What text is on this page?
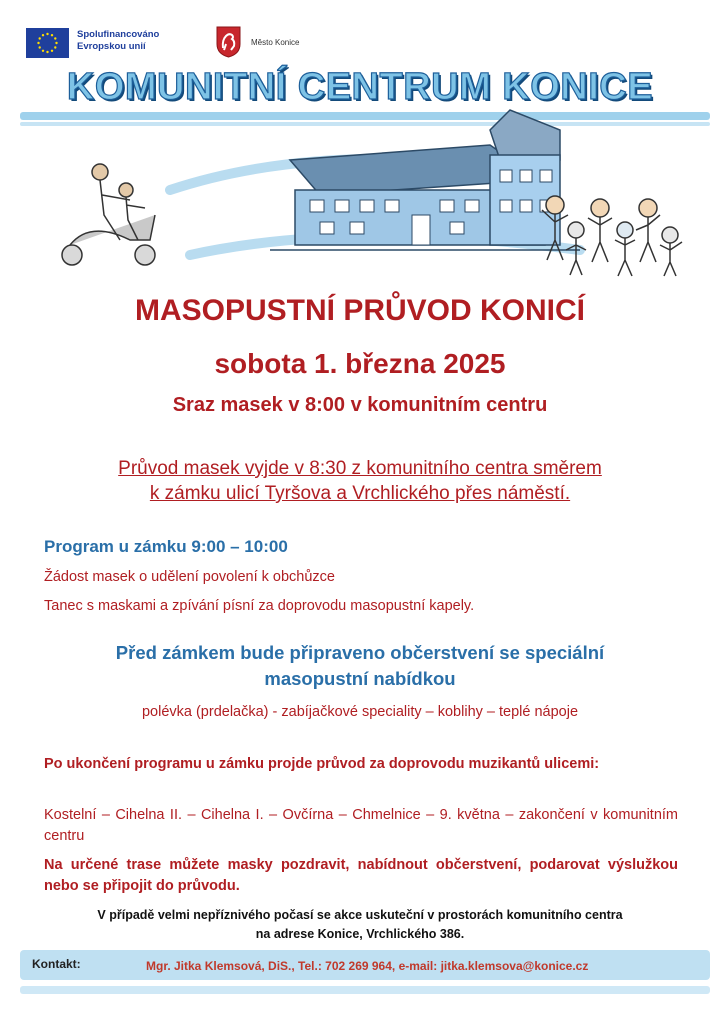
Spolufinancováno
Evropskou unií	Město Konice
KOMUNITNÍ CENTRUM KONICE
MASOPUSTNÍ PRŮVOD KONICÍ
sobota 1. března 2025
Sraz masek v 8:00 v komunitním centru
Průvod masek vyjde v 8:30 z komunitního centra směrem
k zámku ulicí Tyršova a Vrchlického přes náměstí.
Program u zámku 9:00 – 10:00
Žádost masek o udělení povolení k obchůzce
Tanec s maskami a zpívání písní za doprovodu masopustní kapely.
Před zámkem bude připraveno občerstvení se speciální
masopustní nabídkou
polévka (prdelačka) - zabíjačkové speciality – koblihy – teplé nápoje
Po ukončení programu u zámku projde průvod za doprovodu muzikantů ulicemi:
Kostelní – Cihelna II. – Cihelna I. – Ovčírna – Chmelnice – 9. května – zakončení v komunitním centru
Na určené trase můžete masky pozdravit, nabídnout občerstvení, podarovat výslužkou nebo se připojit do průvodu.
V případě velmi nepříznivého počasí se akce uskuteční v prostorách komunitního centra
na adrese Konice, Vrchlického 386.
Kontakt:	Mgr. Jitka Klemsová, DiS., Tel.: 702 269 964, e-mail: jitka.klemsova@konice.cz
